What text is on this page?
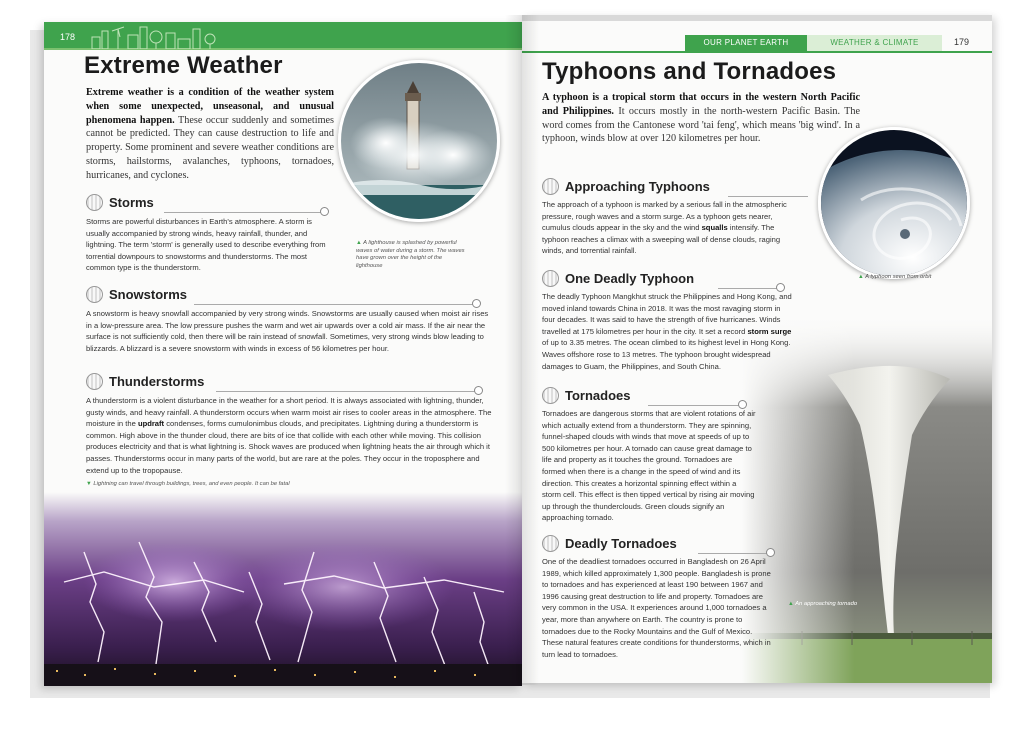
178
Extreme Weather
Extreme weather is a condition of the weather system when some unexpected, unseasonal, and unusual phenomena happen. These occur suddenly and sometimes cannot be predicted. They can cause destruction to life and property. Some prominent and severe weather conditions are storms, hailstorms, avalanches, typhoons, tornadoes, hurricanes, and cyclones.
▲ A lighthouse is splashed by powerful waves of water during a storm. The waves have grown over the height of the lighthouse
Storms
Storms are powerful disturbances in Earth's atmosphere. A storm is usually accompanied by strong winds, heavy rainfall, thunder, and lightning. The term 'storm' is generally used to describe everything from torrential downpours to snowstorms and thunderstorms. The most common type is the thunderstorm.
Snowstorms
A snowstorm is heavy snowfall accompanied by very strong winds. Snowstorms are usually caused when moist air rises in a low-pressure area. The low pressure pushes the warm and wet air upwards over a cold air mass. If the air near the surface is not sufficiently cold, then there will be rain instead of snowfall. Sometimes, very strong winds blow leading to blizzards. A blizzard is a severe snowstorm with winds in excess of 56 kilometres per hour.
Thunderstorms
A thunderstorm is a violent disturbance in the weather for a short period. It is always associated with lightning, thunder, gusty winds, and heavy rainfall. A thunderstorm occurs when warm moist air rises to cooler areas in the atmosphere. The moisture in the updraft condenses, forms cumulonimbus clouds, and precipitates. Lightning during a thunderstorm is common. High above in the thunder cloud, there are bits of ice that collide with each other while moving. This collision produces electricity and that is what lightning is. Shock waves are produced when lightning heats the air through which it passes. Thunderstorms occur in many parts of the world, but are rare at the poles. They occur in the troposphere and extend up to the tropopause.
▼ Lightning can travel through buildings, trees, and even people. It can be fatal
OUR PLANET EARTH	WEATHER & CLIMATE	179
Typhoons and Tornadoes
A typhoon is a tropical storm that occurs in the western North Pacific and Philippines. It occurs mostly in the north-western Pacific Basin. The word comes from the Cantonese word 'tai feng', which means 'big wind'. In a typhoon, winds blow at over 120 kilometres per hour.
▲ A typhoon seen from orbit
▲ An approaching tornado
Approaching Typhoons
The approach of a typhoon is marked by a serious fall in the atmospheric pressure, rough waves and a storm surge. As a typhoon gets nearer, cumulus clouds appear in the sky and the wind squalls intensify. The typhoon reaches a climax with a sweeping wall of dense clouds, raging winds, and torrential rainfall.
One Deadly Typhoon
The deadly Typhoon Mangkhut struck the Philippines and Hong Kong, and moved inland towards China in 2018. It was the most ravaging storm in four decades. It was said to have the strength of five hurricanes. Winds travelled at 175 kilometres per hour in the city. It set a record storm surge of up to 3.35 metres. The ocean climbed to its highest level in Hong Kong. Waves offshore rose to 13 metres. The typhoon brought widespread damages to Guam, the Philippines, and South China.
Tornadoes
Tornadoes are dangerous storms that are violent rotations of air which actually extend from a thunderstorm. They are spinning, funnel-shaped clouds with winds that move at speeds of up to 500 kilometres per hour. A tornado can cause great damage to life and property as it touches the ground. Tornadoes are formed when there is a change in the speed of wind and its direction. This creates a horizontal spinning effect within a storm cell. This effect is then tipped vertical by rising air moving up through the thunderclouds. Green clouds signify an approaching tornado.
Deadly Tornadoes
One of the deadliest tornadoes occurred in Bangladesh on 26 April 1989, which killed approximately 1,300 people. Bangladesh is prone to tornadoes and has experienced at least 190 between 1967 and 1996 causing great destruction to life and property. Tornadoes are very common in the USA. It experiences around 1,000 tornadoes a year, more than anywhere on Earth. The country is prone to tornadoes due to the Rocky Mountains and the Gulf of Mexico. These natural features create conditions for thunderstorms, which in turn lead to tornadoes.
